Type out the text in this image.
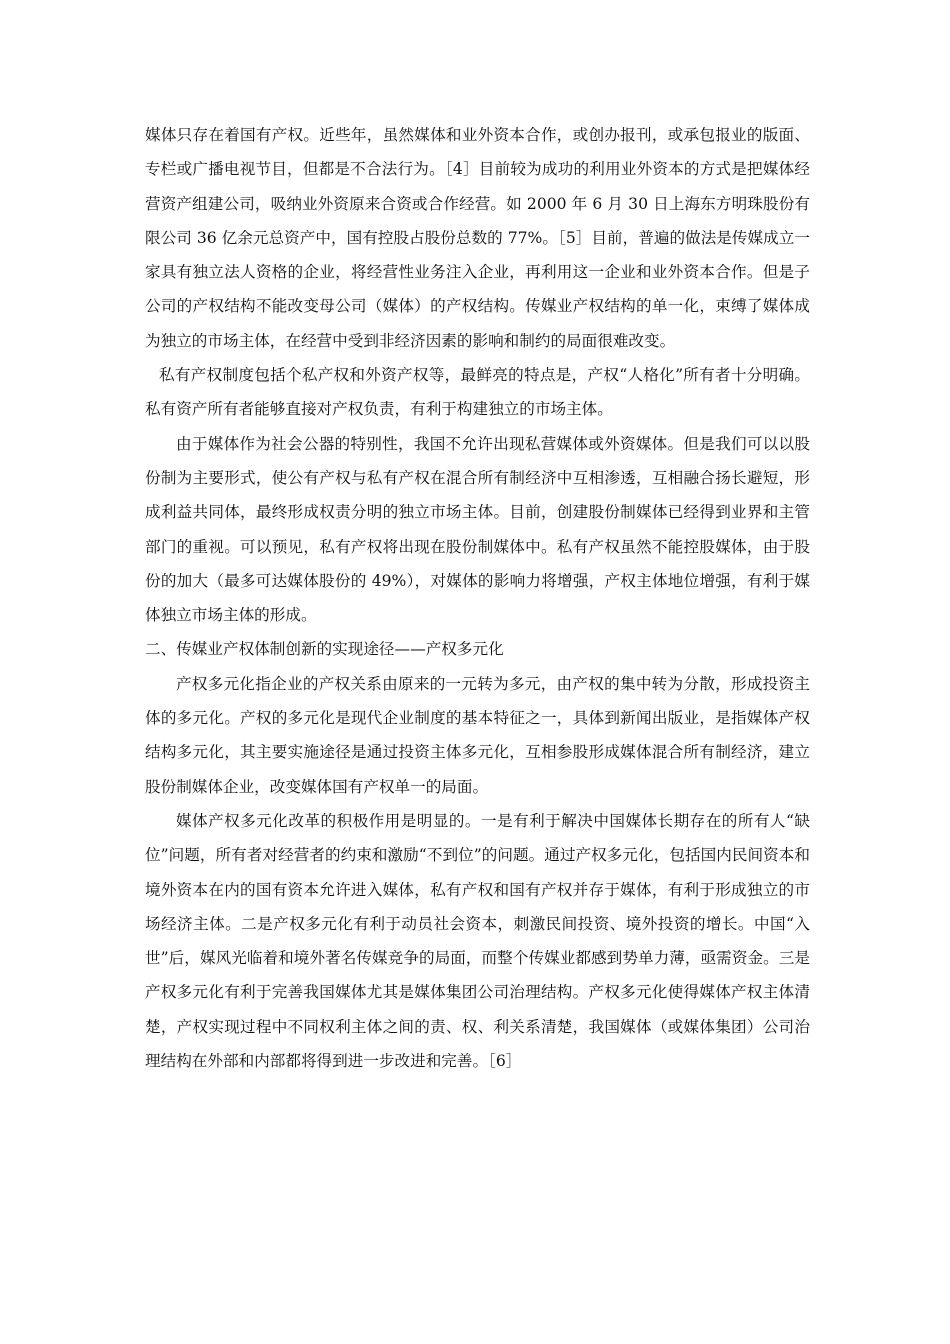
媒体只存在着国有产权。近些年，虽然媒体和业外资本合作，或创办报刊，或承包报业的版面、专栏或广播电视节目，但都是不合法行为。［4］目前较为成功的利用业外资本的方式是把媒体经营资产组建公司，吸纳业外资原来合资或合作经营。如 2000 年 6 月 30 日上海东方明珠股份有限公司 36 亿余元总资产中，国有控股占股份总数的 77%。［5］目前，普遍的做法是传媒成立一家具有独立法人资格的企业，将经营性业务注入企业，再利用这一企业和业外资本合作。但是子公司的产权结构不能改变母公司（媒体）的产权结构。传媒业产权结构的单一化，束缚了媒体成为独立的市场主体，在经营中受到非经济因素的影响和制约的局面很难改变。

私有产权制度包括个私产权和外资产权等，最鲜亮的特点是，产权“人格化”所有者十分明确。私有资产所有者能够直接对产权负责，有利于构建独立的市场主体。

由于媒体作为社会公器的特别性，我国不允许出现私营媒体或外资媒体。但是我们可以以股份制为主要形式，使公有产权与私有产权在混合所有制经济中互相渗透，互相融合扬长避短，形成利益共同体，最终形成权责分明的独立市场主体。目前，创建股份制媒体已经得到业界和主管部门的重视。可以预见，私有产权将出现在股份制媒体中。私有产权虽然不能控股媒体，由于股份的加大（最多可达媒体股份的 49%），对媒体的影响力将增强，产权主体地位增强，有利于媒体独立市场主体的形成。

二、传媒业产权体制创新的实现途径——产权多元化

产权多元化指企业的产权关系由原来的一元转为多元，由产权的集中转为分散，形成投资主体的多元化。产权的多元化是现代企业制度的基本特征之一，具体到新闻出版业，是指媒体产权结构多元化，其主要实施途径是通过投资主体多元化，互相参股形成媒体混合所有制经济，建立股份制媒体企业，改变媒体国有产权单一的局面。

媒体产权多元化改革的积极作用是明显的。一是有利于解决中国媒体长期存在的所有人“缺位”问题，所有者对经营者的约束和激励“不到位”的问题。通过产权多元化，包括国内民间资本和境外资本在内的国有资本允许进入媒体，私有产权和国有产权并存于媒体，有利于形成独立的市场经济主体。二是产权多元化有利于动员社会资本，刺激民间投资、境外投资的增长。中国“入世”后，媒风光临着和境外著名传媒竞争的局面，而整个传媒业都感到势单力薄，亟需资金。三是产权多元化有利于完善我国媒体尤其是媒体集团公司治理结构。产权多元化使得媒体产权主体清楚，产权实现过程中不同权利主体之间的责、权、利关系清楚，我国媒体（或媒体集团）公司治理结构在外部和内部都将得到进一步改进和完善。［6］
